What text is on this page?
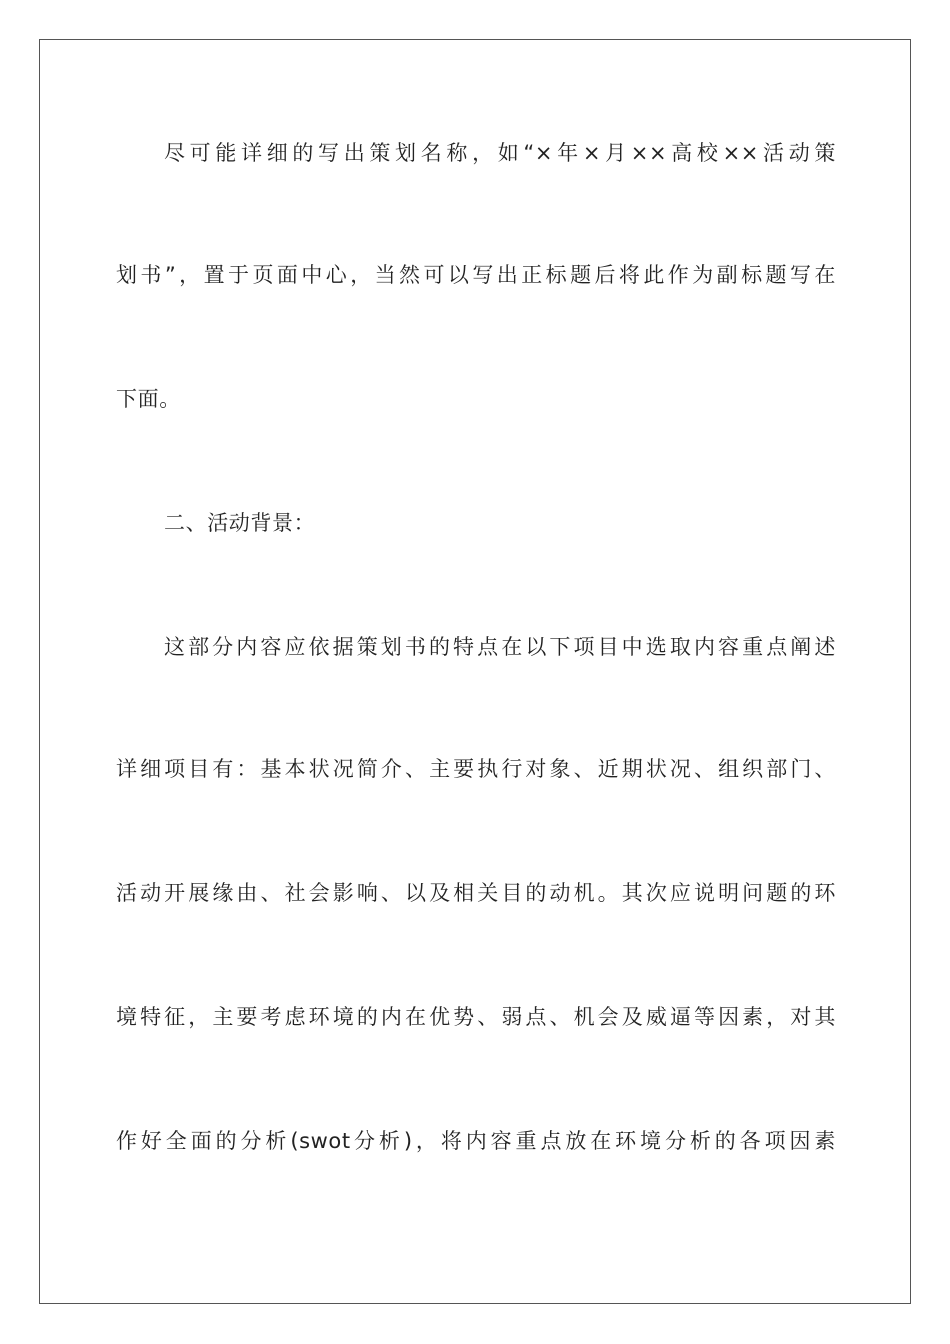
尽可能详细的写出策划名称，如“×年×月××高校××活动策
划书”，置于页面中心，当然可以写出正标题后将此作为副标题写在
下面。
二、活动背景：
这部分内容应依据策划书的特点在以下项目中选取内容重点阐述
详细项目有：基本状况简介、主要执行对象、近期状况、组织部门、
活动开展缘由、社会影响、以及相关目的动机。其次应说明问题的环
境特征，主要考虑环境的内在优势、弱点、机会及威逼等因素，对其
作好全面的分析(swot分析)，将内容重点放在环境分析的各项因素
